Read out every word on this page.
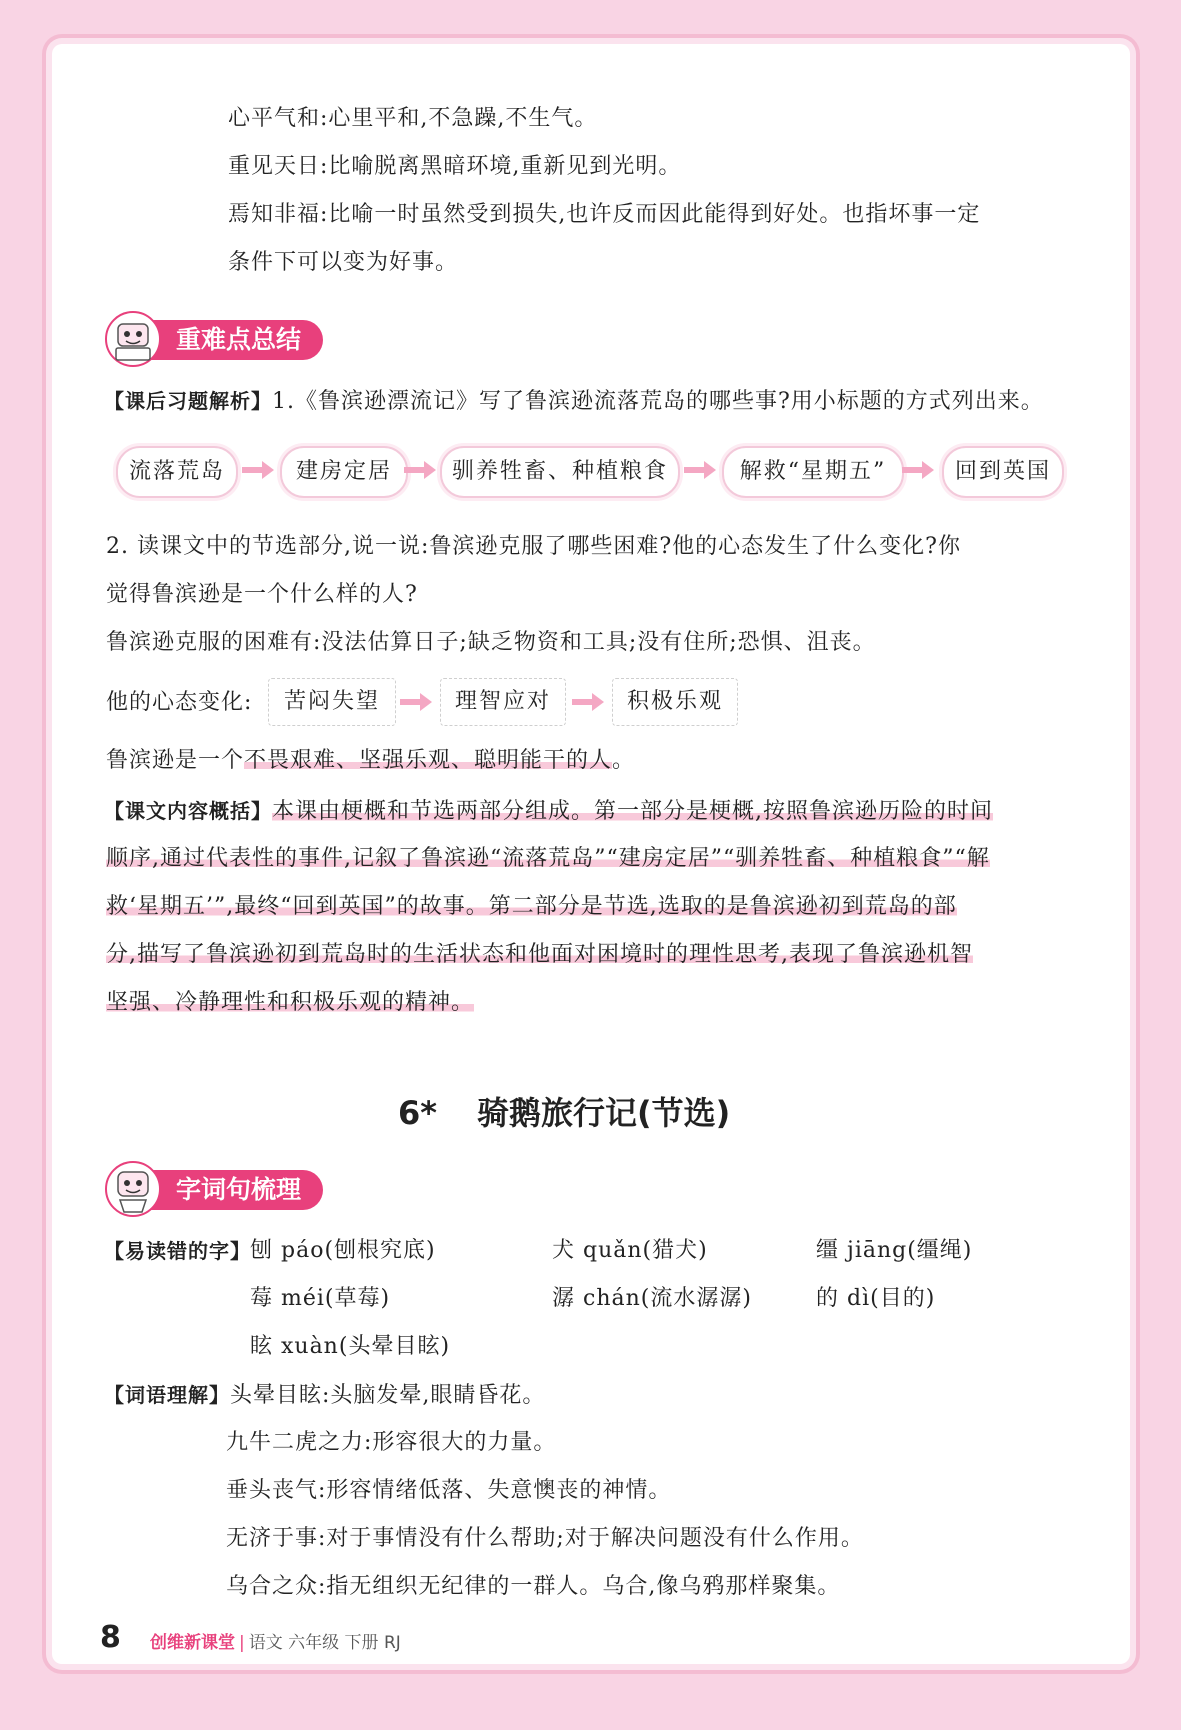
心平气和:心里平和,不急躁,不生气。
重见天日:比喻脱离黑暗环境,重新见到光明。
焉知非福:比喻一时虽然受到损失,也许反而因此能得到好处。也指坏事一定
条件下可以变为好事。
重难点总结
【课后习题解析】1.《鲁滨逊漂流记》写了鲁滨逊流落荒岛的哪些事?用小标题的方式列出来。
流落荒岛	建房定居	驯养牲畜、种植粮食	解救“星期五”	回到英国
2. 读课文中的节选部分,说一说:鲁滨逊克服了哪些困难?他的心态发生了什么变化?你
觉得鲁滨逊是一个什么样的人?
鲁滨逊克服的困难有:没法估算日子;缺乏物资和工具;没有住所;恐惧、沮丧。
他的心态变化:	苦闷失望	理智应对	积极乐观
鲁滨逊是一个不畏艰难、坚强乐观、聪明能干的人。
【课文内容概括】本课由梗概和节选两部分组成。第一部分是梗概,按照鲁滨逊历险的时间
顺序,通过代表性的事件,记叙了鲁滨逊“流落荒岛”“建房定居”“驯养牲畜、种植粮食”“解
救‘星期五’”,最终“回到英国”的故事。第二部分是节选,选取的是鲁滨逊初到荒岛的部
分,描写了鲁滨逊初到荒岛时的生活状态和他面对困境时的理性思考,表现了鲁滨逊机智
坚强、冷静理性和积极乐观的精神。
6* 骑鹅旅行记(节选)
字词句梳理
【易读错的字】 刨 páo(刨根究底)	犬 quǎn(猎犬)	缰 jiāng(缰绳)
莓 méi(草莓)	潺 chán(流水潺潺)	的 dì(目的)
眩 xuàn(头晕目眩)
【词语理解】头晕目眩:头脑发晕,眼睛昏花。
九牛二虎之力:形容很大的力量。
垂头丧气:形容情绪低落、失意懊丧的神情。
无济于事:对于事情没有什么帮助;对于解决问题没有什么作用。
乌合之众:指无组织无纪律的一群人。乌合,像乌鸦那样聚集。
8 创维新课堂 | 语文 六年级 下册 RJ
